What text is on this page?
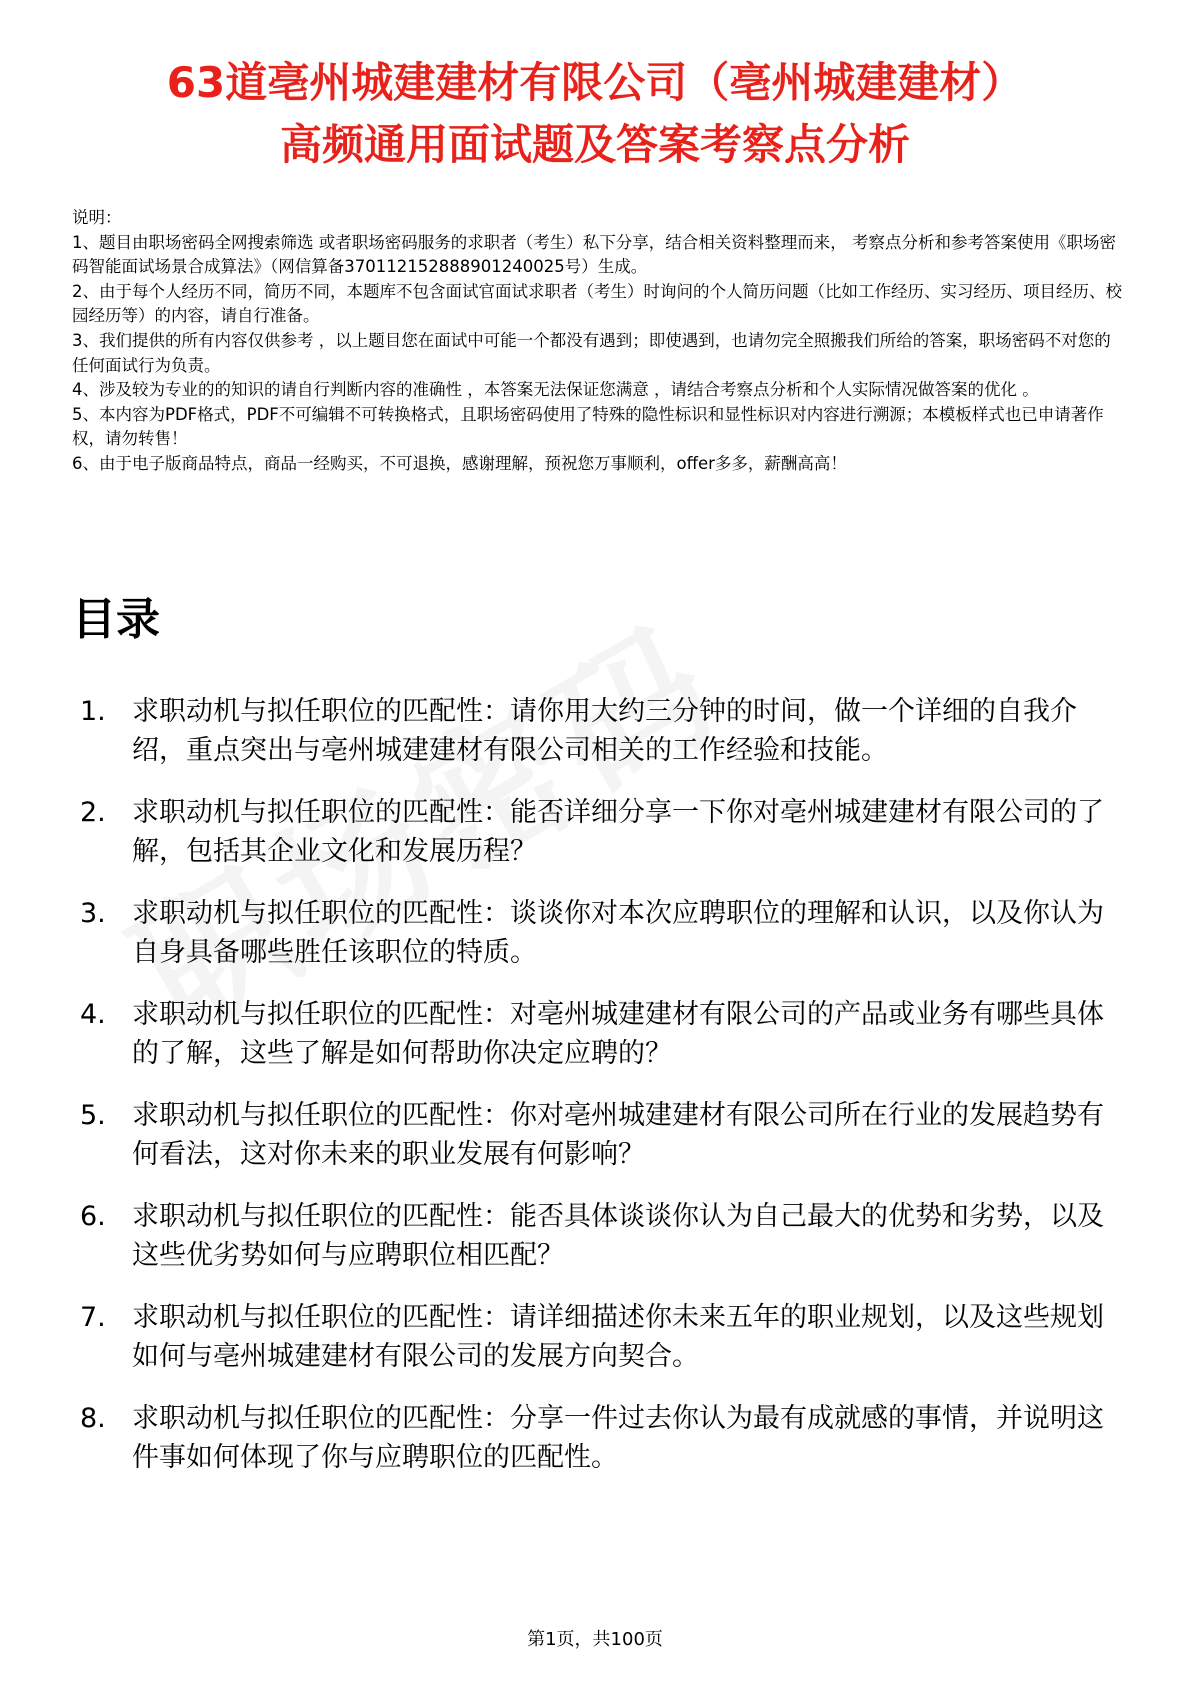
63道亳州城建建材有限公司（亳州城建建材）
高频通用面试题及答案考察点分析

说明：

1、题目由职场密码全网搜索筛选 或者职场密码服务的求职者（考生）私下分享，结合相关资料整理而来， 考察点分析和参考答案使用《职场密码智能面试场景合成算法》（网信算备370112152888901240025号）生成。

2、由于每个人经历不同，简历不同，本题库不包含面试官面试求职者（考生）时询问的个人简历问题（比如工作经历、实习经历、项目经历、校园经历等）的内容，请自行准备。

3、我们提供的所有内容仅供参考 ，以上题目您在面试中可能一个都没有遇到；即使遇到，也请勿完全照搬我们所给的答案，职场密码不对您的任何面试行为负责。

4、涉及较为专业的的知识的请自行判断内容的准确性 ，本答案无法保证您满意 ，请结合考察点分析和个人实际情况做答案的优化 。

5、本内容为PDF格式，PDF不可编辑不可转换格式，且职场密码使用了特殊的隐性标识和显性标识对内容进行溯源；本模板样式也已申请著作权，请勿转售！

6、由于电子版商品特点，商品一经购买，不可退换，感谢理解，预祝您万事顺利，offer多多，薪酬高高！

目录
1. 求职动机与拟任职位的匹配性：请你用大约三分钟的时间，做一个详细的自我介绍，重点突出与亳州城建建材有限公司相关的工作经验和技能。
2. 求职动机与拟任职位的匹配性：能否详细分享一下你对亳州城建建材有限公司的了解，包括其企业文化和发展历程？
3. 求职动机与拟任职位的匹配性：谈谈你对本次应聘职位的理解和认识，以及你认为自身具备哪些胜任该职位的特质。
4. 求职动机与拟任职位的匹配性：对亳州城建建材有限公司的产品或业务有哪些具体的了解，这些了解是如何帮助你决定应聘的？
5. 求职动机与拟任职位的匹配性：你对亳州城建建材有限公司所在行业的发展趋势有何看法，这对你未来的职业发展有何影响？
6. 求职动机与拟任职位的匹配性：能否具体谈谈你认为自己最大的优势和劣势，以及这些优劣势如何与应聘职位相匹配？
7. 求职动机与拟任职位的匹配性：请详细描述你未来五年的职业规划，以及这些规划如何与亳州城建建材有限公司的发展方向契合。
8. 求职动机与拟任职位的匹配性：分享一件过去你认为最有成就感的事情，并说明这件事如何体现了你与应聘职位的匹配性。
第1页，共100页
